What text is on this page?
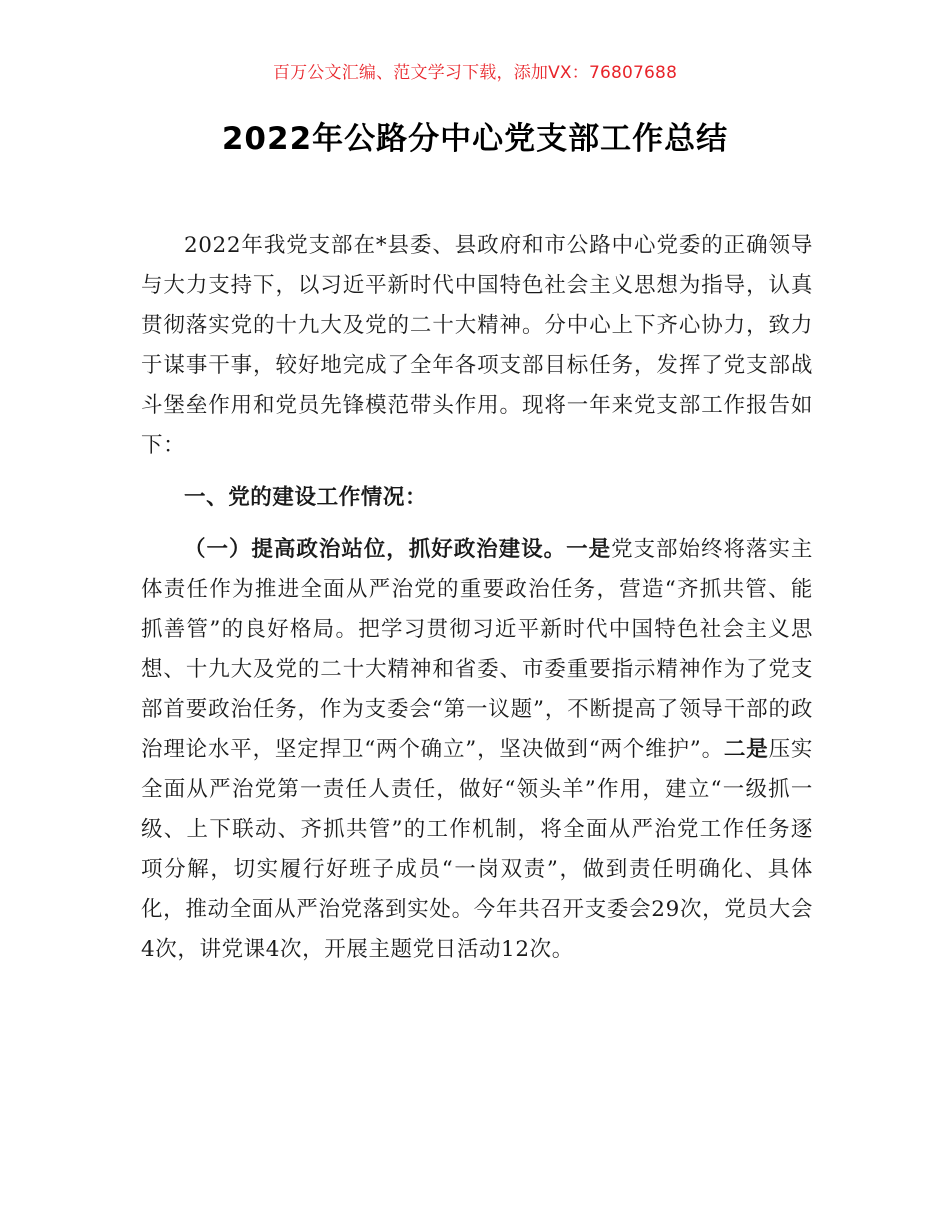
百万公文汇编、范文学习下载，添加VX：76807688
2022年公路分中心党支部工作总结

2022年我党支部在*县委、县政府和市公路中心党委的正确领导与大力支持下，以习近平新时代中国特色社会主义思想为指导，认真贯彻落实党的十九大及党的二十大精神。分中心上下齐心协力，致力于谋事干事，较好地完成了全年各项支部目标任务，发挥了党支部战斗堡垒作用和党员先锋模范带头作用。现将一年来党支部工作报告如下：

一、党的建设工作情况：

（一）提高政治站位，抓好政治建设。一是党支部始终将落实主体责任作为推进全面从严治党的重要政治任务，营造“齐抓共管、能抓善管”的良好格局。把学习贯彻习近平新时代中国特色社会主义思想、十九大及党的二十大精神和省委、市委重要指示精神作为了党支部首要政治任务，作为支委会“第一议题”，不断提高了领导干部的政治理论水平，坚定捍卫“两个确立”，坚决做到“两个维护”。二是压实全面从严治党第一责任人责任，做好“领头羊”作用，建立“一级抓一级、上下联动、齐抓共管”的工作机制，将全面从严治党工作任务逐项分解，切实履行好班子成员“一岗双责”，做到责任明确化、具体化，推动全面从严治党落到实处。今年共召开支委会29次，党员大会4次，讲党课4次，开展主题党日活动12次。
